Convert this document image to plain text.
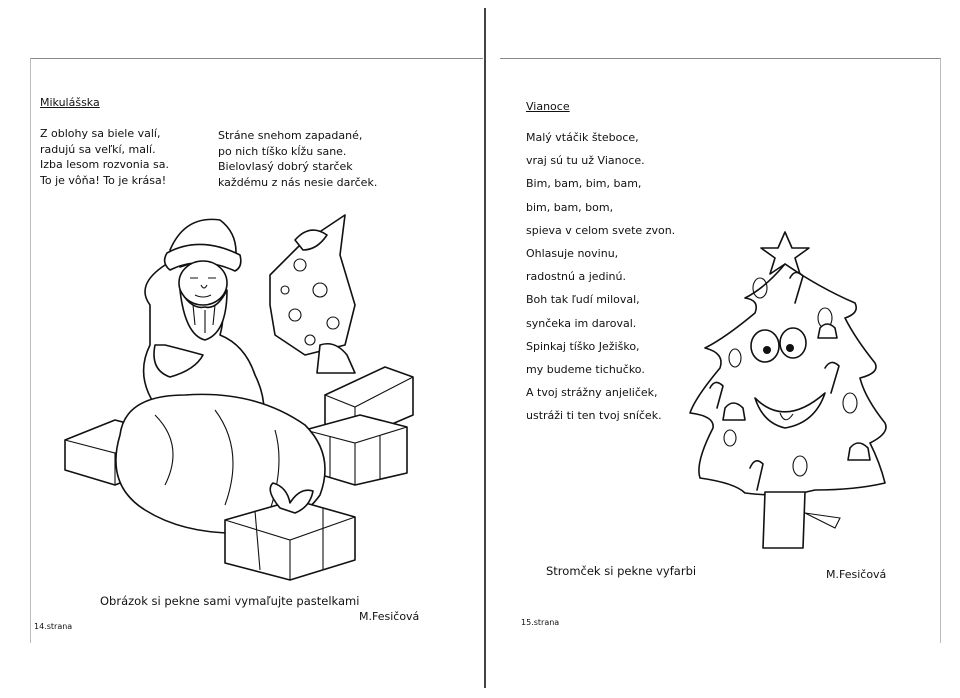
Mikulášska
Z oblohy sa biele valí,
radujú sa veľkí, malí.
Izba lesom rozvonia sa.
To je vôňa! To je krása!
Stráne snehom zapadané,
po nich tíško kĺžu sane.
Bielovlasý dobrý starček
každému z nás nesie darček.
Obrázok si pekne sami vymaľujte pastelkami
M.Fesičová
14.strana
Vianoce
Malý vtáčik šteboce,
vraj sú tu už Vianoce.
Bim, bam, bim, bam,
bim, bam, bom,
spieva v celom svete zvon.
Ohlasuje novinu,
radostnú a jedinú.
Boh tak ľudí miloval,
synčeka im daroval.
Spinkaj tíško Ježiško,
my budeme tichučko.
A tvoj strážny anjeliček,
ustráži ti ten tvoj sníček.
Stromček si pekne vyfarbi	M.Fesičová
15.strana
